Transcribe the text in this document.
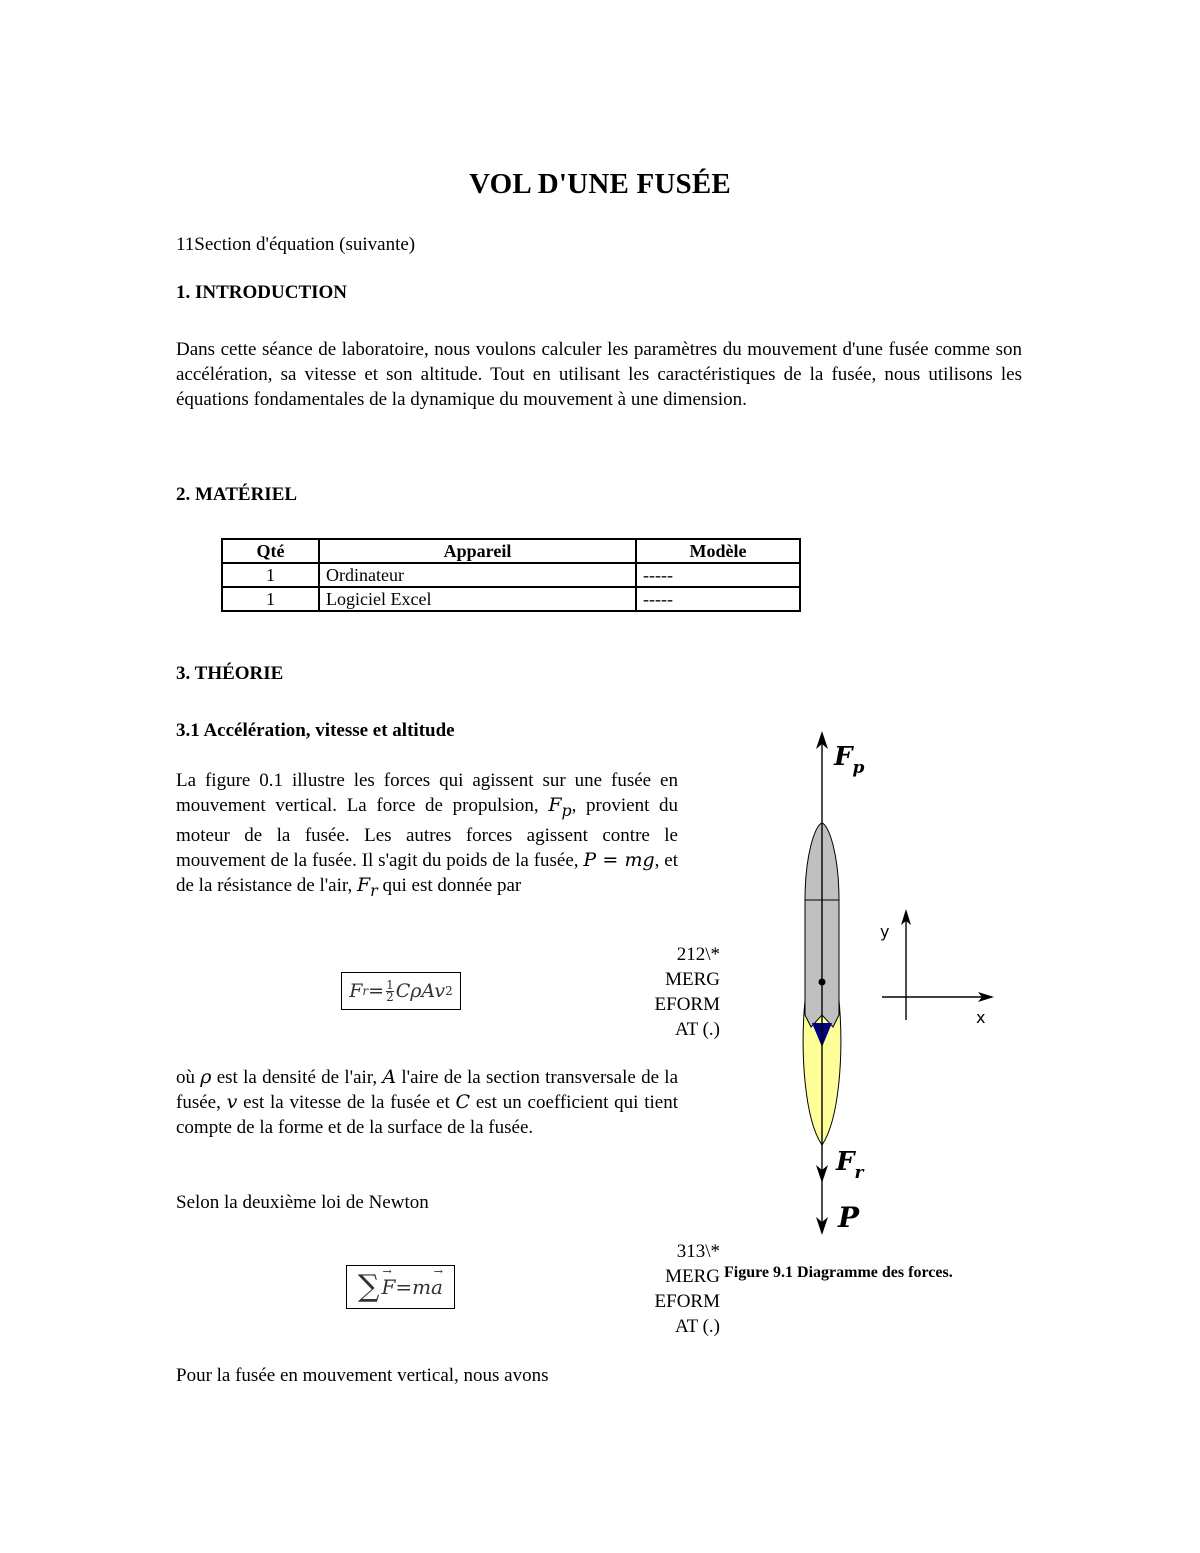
VOL D'UNE FUSÉE
11Section d'équation (suivante)
1. INTRODUCTION
Dans cette séance de laboratoire, nous voulons calculer les paramètres du mouvement d'une fusée comme son accélération, sa vitesse et son altitude. Tout en utilisant les caractéristiques de la fusée, nous utilisons les équations fondamentales de la dynamique du mouvement à une dimension.
2. MATÉRIEL
Qté	Appareil	Modèle
1	Ordinateur	-----
1	Logiciel Excel	-----
3. THÉORIE
3.1 Accélération, vitesse et altitude
La figure 0.1 illustre les forces qui agissent sur une fusée en mouvement vertical. La force de propulsion, $F_p$, provient du moteur de la fusée. Les autres forces agissent contre le mouvement de la fusée. Il s'agit du poids de la fusée, P = mg, et de la résistance de l'air, $F_r$ qui est donnée par
F $r = \frac{1}{2}$ CρAv 2
212\*
MERG
EFORM
AT (.)
où ρ est la densité de l'air, A l'aire de la section transversale de la fusée, v est la vitesse de la fusée et C est un coefficient qui tient compte de la forme et de la surface de la fusée.
Selon la deuxième loi de Newton
∑ →
F =
→
ma
313\*
MERG
EFORM
AT (.)
Pour la fusée en mouvement vertical, nous avons
$F_p$
$F_r$
P
y
x
Figure 9.1 Diagramme des forces.
